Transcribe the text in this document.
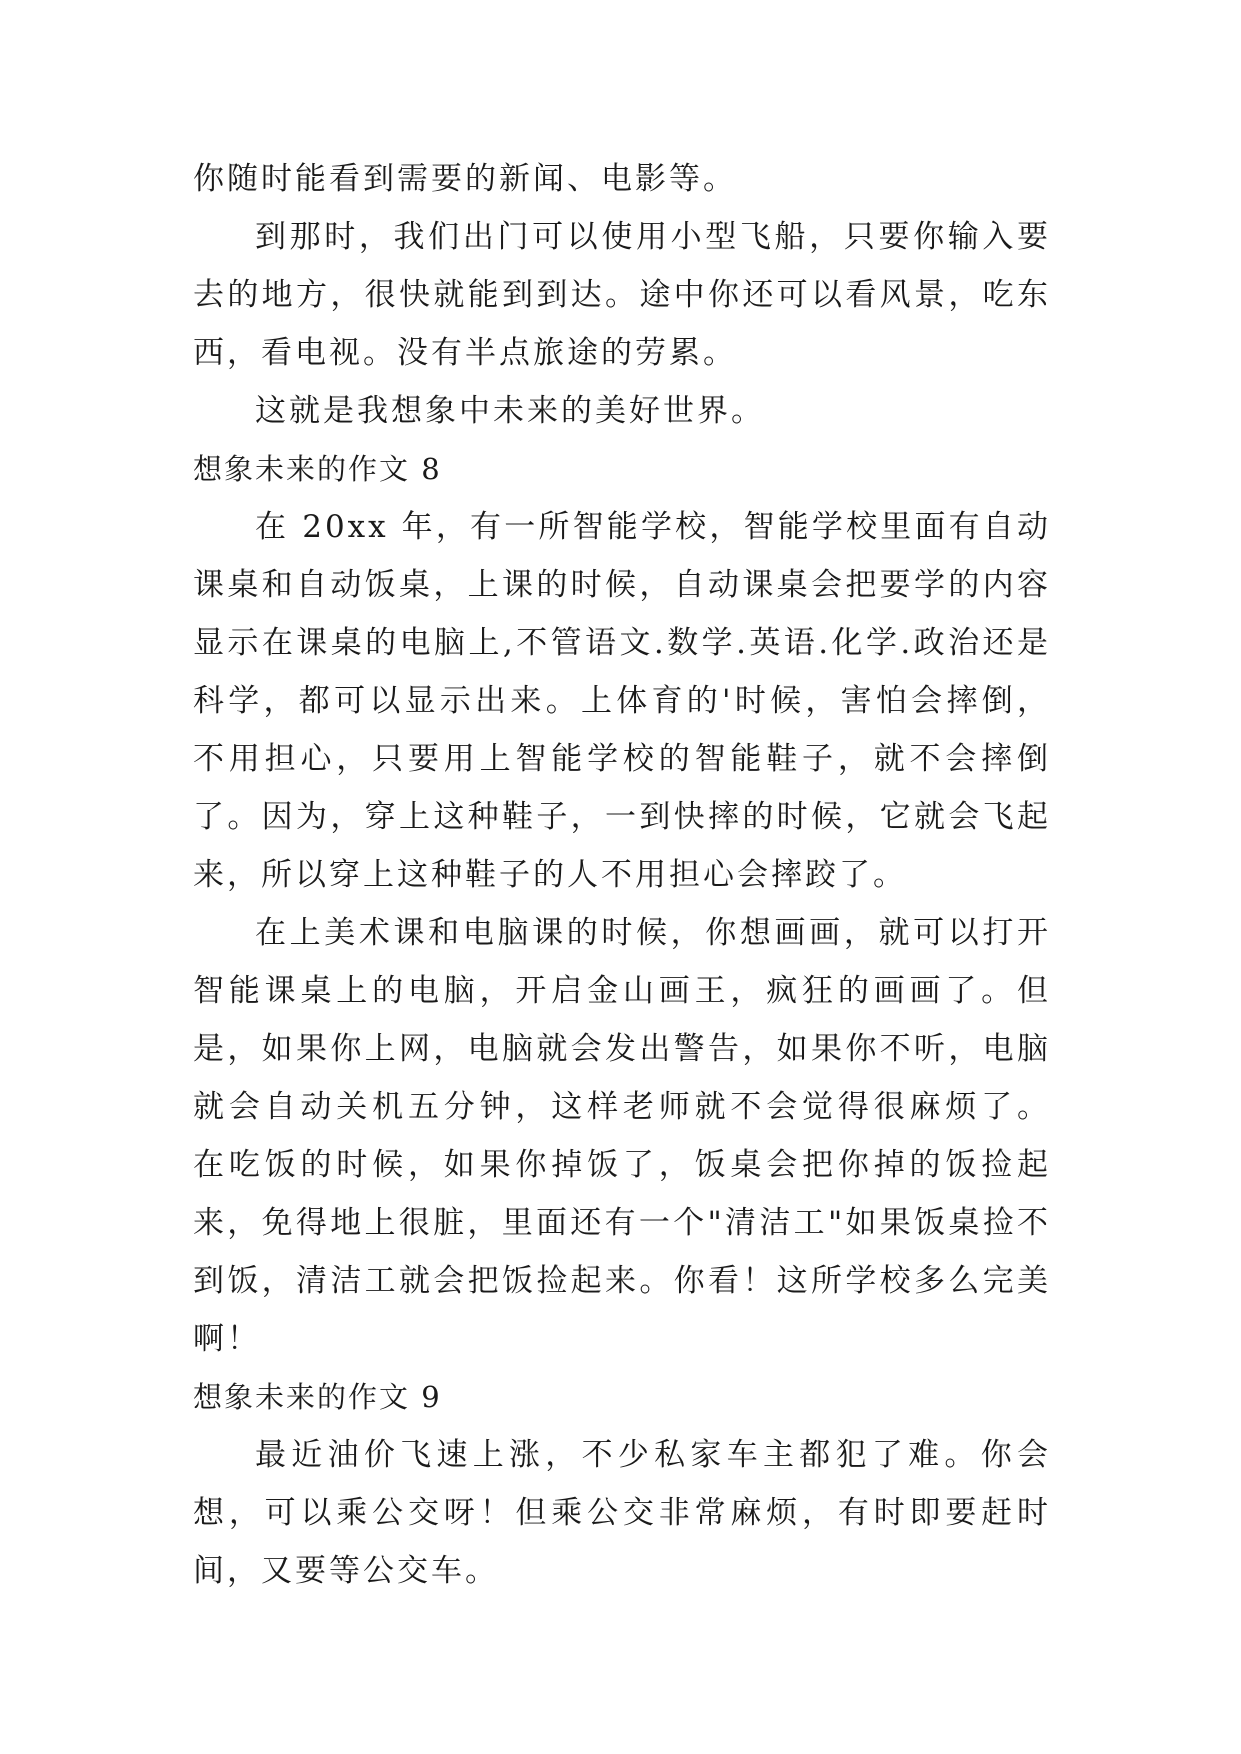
你随时能看到需要的新闻、电影等。

到那时，我们出门可以使用小型飞船，只要你输入要去的地方，很快就能到到达。途中你还可以看风景，吃东西，看电视。没有半点旅途的劳累。

这就是我想象中未来的美好世界。

想象未来的作文 8

在 20xx 年，有一所智能学校，智能学校里面有自动课桌和自动饭桌，上课的时候，自动课桌会把要学的内容显示在课桌的电脑上,不管语文.数学.英语.化学.政治还是科学，都可以显示出来。上体育的'时候，害怕会摔倒，不用担心，只要用上智能学校的智能鞋子，就不会摔倒了。因为，穿上这种鞋子，一到快摔的时候，它就会飞起来，所以穿上这种鞋子的人不用担心会摔跤了。

在上美术课和电脑课的时候，你想画画，就可以打开智能课桌上的电脑，开启金山画王，疯狂的画画了。但是，如果你上网，电脑就会发出警告，如果你不听，电脑就会自动关机五分钟，这样老师就不会觉得很麻烦了。 在吃饭的时候，如果你掉饭了，饭桌会把你掉的饭捡起来，免得地上很脏，里面还有一个"清洁工"如果饭桌捡不到饭，清洁工就会把饭捡起来。你看！这所学校多么完美啊！

想象未来的作文 9

最近油价飞速上涨，不少私家车主都犯了难。你会想，可以乘公交呀！但乘公交非常麻烦，有时即要赶时间，又要等公交车。
